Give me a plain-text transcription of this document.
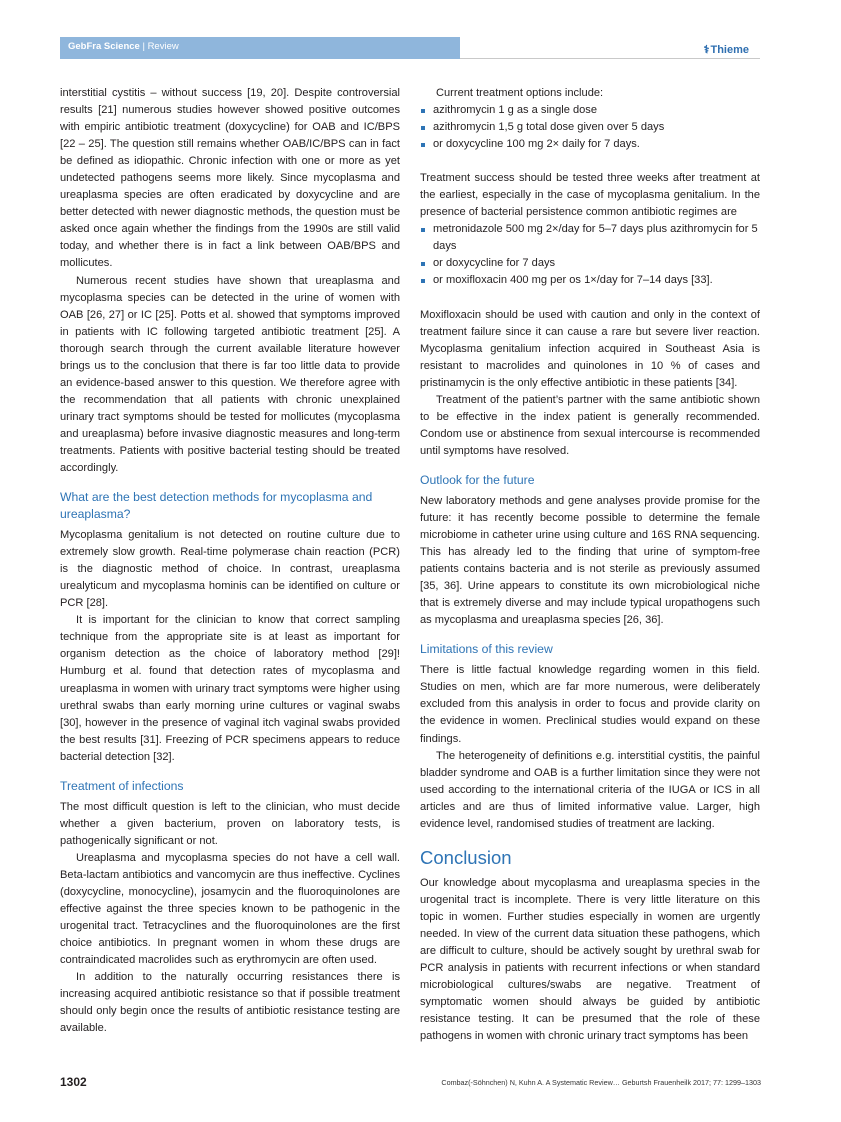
GebFra Science | Review	⚕Thieme

interstitial cystitis – without success [19, 20]. Despite controversial results [21] numerous studies however showed positive outcomes with empiric antibiotic treatment (doxycycline) for OAB and IC/BPS [22 – 25]. The question still remains whether OAB/IC/BPS can in fact be defined as idiopathic. Chronic infection with one or more as yet undetected pathogens seems more likely. Since mycoplasma and ureaplasma species are often eradicated by doxycycline and are better detected with newer diagnostic methods, the question must be asked once again whether the findings from the 1990s are still valid today, and whether there is in fact a link between OAB/BPS and mollicutes.

Numerous recent studies have shown that ureaplasma and mycoplasma species can be detected in the urine of women with OAB [26, 27] or IC [25]. Potts et al. showed that symptoms improved in patients with IC following targeted antibiotic treatment [25]. A thorough search through the current available literature however brings us to the conclusion that there is far too little data to provide an evidence-based answer to this question. We therefore agree with the recommendation that all patients with chronic unexplained urinary tract symptoms should be tested for mollicutes (mycoplasma and ureaplasma) before invasive diagnostic measures and long-term treatments. Patients with positive bacterial testing should be treated accordingly.

What are the best detection methods for mycoplasma and ureaplasma?

Mycoplasma genitalium is not detected on routine culture due to extremely slow growth. Real-time polymerase chain reaction (PCR) is the diagnostic method of choice. In contrast, ureaplasma urealyticum and mycoplasma hominis can be identified on culture or PCR [28].

It is important for the clinician to know that correct sampling technique from the appropriate site is at least as important for organism detection as the choice of laboratory method [29]! Humburg et al. found that detection rates of mycoplasma and ureaplasma in women with urinary tract symptoms were higher using urethral swabs than early morning urine cultures or vaginal swabs [30], however in the presence of vaginal itch vaginal swabs provided the best results [31]. Freezing of PCR specimens appears to reduce bacterial detection [32].

Treatment of infections

The most difficult question is left to the clinician, who must decide whether a given bacterium, proven on laboratory tests, is pathogenically significant or not.

Ureaplasma and mycoplasma species do not have a cell wall. Beta-lactam antibiotics and vancomycin are thus ineffective. Cyclines (doxycycline, monocycline), josamycin and the fluoroquinolones are effective against the three species known to be pathogenic in the urogenital tract. Tetracyclines and the fluoroquinolones are the first choice antibiotics. In pregnant women in whom these drugs are contraindicated macrolides such as erythromycin are often used.

In addition to the naturally occurring resistances there is increasing acquired antibiotic resistance so that if possible treatment should only begin once the results of antibiotic resistance testing are available.

Current treatment options include:

azithromycin 1 g as a single dose
azithromycin 1,5 g total dose given over 5 days
or doxycycline 100 mg 2× daily for 7 days.

Treatment success should be tested three weeks after treatment at the earliest, especially in the case of mycoplasma genitalium. In the presence of bacterial persistence common antibiotic regimes are

metronidazole 500 mg 2×/day for 5–7 days plus azithromycin for 5 days
or doxycycline for 7 days
or moxifloxacin 400 mg per os 1×/day for 7–14 days [33].

Moxifloxacin should be used with caution and only in the context of treatment failure since it can cause a rare but severe liver reaction. Mycoplasma genitalium infection acquired in Southeast Asia is resistant to macrolides and quinolones in 10 % of cases and pristinamycin is the only effective antibiotic in these patients [34].

Treatment of the patient’s partner with the same antibiotic shown to be effective in the index patient is generally recommended. Condom use or abstinence from sexual intercourse is recommended until symptoms have resolved.

Outlook for the future

New laboratory methods and gene analyses provide promise for the future: it has recently become possible to determine the female microbiome in catheter urine using culture and 16S RNA sequencing. This has already led to the finding that urine of symptom-free patients contains bacteria and is not sterile as previously assumed [35, 36]. Urine appears to constitute its own microbiological niche that is extremely diverse and may include typical uropathogens such as mycoplasma and ureaplasma species [26, 36].

Limitations of this review

There is little factual knowledge regarding women in this field. Studies on men, which are far more numerous, were deliberately excluded from this analysis in order to focus and provide clarity on the evidence in women. Preclinical studies would expand on these findings.

The heterogeneity of definitions e.g. interstitial cystitis, the painful bladder syndrome and OAB is a further limitation since they were not used according to the international criteria of the IUGA or ICS in all articles and are thus of limited informative value. Larger, high evidence level, randomised studies of treatment are lacking.

Conclusion

Our knowledge about mycoplasma and ureaplasma species in the urogenital tract is incomplete. There is very little literature on this topic in women. Further studies especially in women are urgently needed. In view of the current data situation these pathogens, which are difficult to culture, should be actively sought by urethral swab for PCR analysis in patients with recurrent infections or when standard microbiological cultures/swabs are negative. Treatment of symptomatic women should always be guided by antibiotic resistance testing. It can be presumed that the role of these pathogens in women with chronic urinary tract symptoms has been

1302	Combaz(-Söhnchen) N, Kuhn A. A Systematic Review… Geburtsh Frauenheilk 2017; 77: 1299–1303
